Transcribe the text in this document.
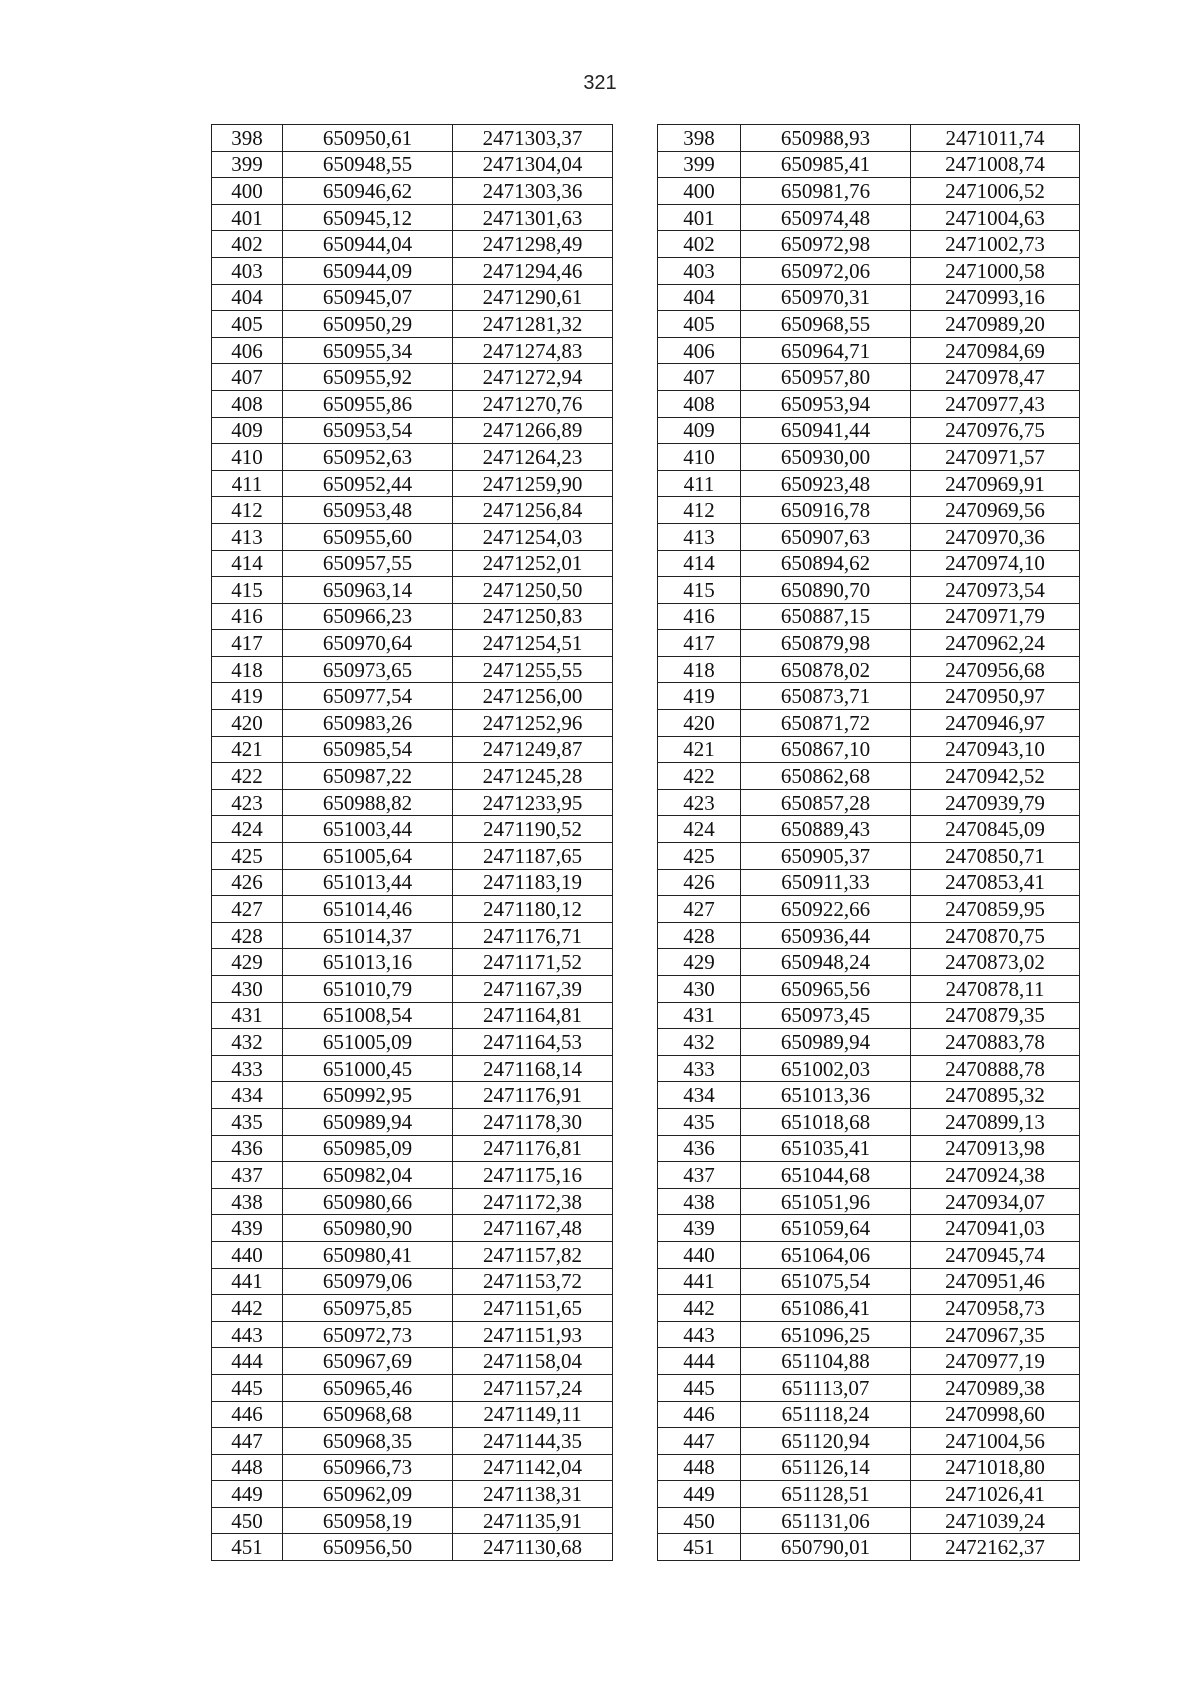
321
398	650950,61	2471303,37		398	650988,93	2471011,74
399	650948,55	2471304,04		399	650985,41	2471008,74
400	650946,62	2471303,36		400	650981,76	2471006,52
401	650945,12	2471301,63		401	650974,48	2471004,63
402	650944,04	2471298,49		402	650972,98	2471002,73
403	650944,09	2471294,46		403	650972,06	2471000,58
404	650945,07	2471290,61		404	650970,31	2470993,16
405	650950,29	2471281,32		405	650968,55	2470989,20
406	650955,34	2471274,83		406	650964,71	2470984,69
407	650955,92	2471272,94		407	650957,80	2470978,47
408	650955,86	2471270,76		408	650953,94	2470977,43
409	650953,54	2471266,89		409	650941,44	2470976,75
410	650952,63	2471264,23		410	650930,00	2470971,57
411	650952,44	2471259,90		411	650923,48	2470969,91
412	650953,48	2471256,84		412	650916,78	2470969,56
413	650955,60	2471254,03		413	650907,63	2470970,36
414	650957,55	2471252,01		414	650894,62	2470974,10
415	650963,14	2471250,50		415	650890,70	2470973,54
416	650966,23	2471250,83		416	650887,15	2470971,79
417	650970,64	2471254,51		417	650879,98	2470962,24
418	650973,65	2471255,55		418	650878,02	2470956,68
419	650977,54	2471256,00		419	650873,71	2470950,97
420	650983,26	2471252,96		420	650871,72	2470946,97
421	650985,54	2471249,87		421	650867,10	2470943,10
422	650987,22	2471245,28		422	650862,68	2470942,52
423	650988,82	2471233,95		423	650857,28	2470939,79
424	651003,44	2471190,52		424	650889,43	2470845,09
425	651005,64	2471187,65		425	650905,37	2470850,71
426	651013,44	2471183,19		426	650911,33	2470853,41
427	651014,46	2471180,12		427	650922,66	2470859,95
428	651014,37	2471176,71		428	650936,44	2470870,75
429	651013,16	2471171,52		429	650948,24	2470873,02
430	651010,79	2471167,39		430	650965,56	2470878,11
431	651008,54	2471164,81		431	650973,45	2470879,35
432	651005,09	2471164,53		432	650989,94	2470883,78
433	651000,45	2471168,14		433	651002,03	2470888,78
434	650992,95	2471176,91		434	651013,36	2470895,32
435	650989,94	2471178,30		435	651018,68	2470899,13
436	650985,09	2471176,81		436	651035,41	2470913,98
437	650982,04	2471175,16		437	651044,68	2470924,38
438	650980,66	2471172,38		438	651051,96	2470934,07
439	650980,90	2471167,48		439	651059,64	2470941,03
440	650980,41	2471157,82		440	651064,06	2470945,74
441	650979,06	2471153,72		441	651075,54	2470951,46
442	650975,85	2471151,65		442	651086,41	2470958,73
443	650972,73	2471151,93		443	651096,25	2470967,35
444	650967,69	2471158,04		444	651104,88	2470977,19
445	650965,46	2471157,24		445	651113,07	2470989,38
446	650968,68	2471149,11		446	651118,24	2470998,60
447	650968,35	2471144,35		447	651120,94	2471004,56
448	650966,73	2471142,04		448	651126,14	2471018,80
449	650962,09	2471138,31		449	651128,51	2471026,41
450	650958,19	2471135,91		450	651131,06	2471039,24
451	650956,50	2471130,68		451	650790,01	2472162,37
